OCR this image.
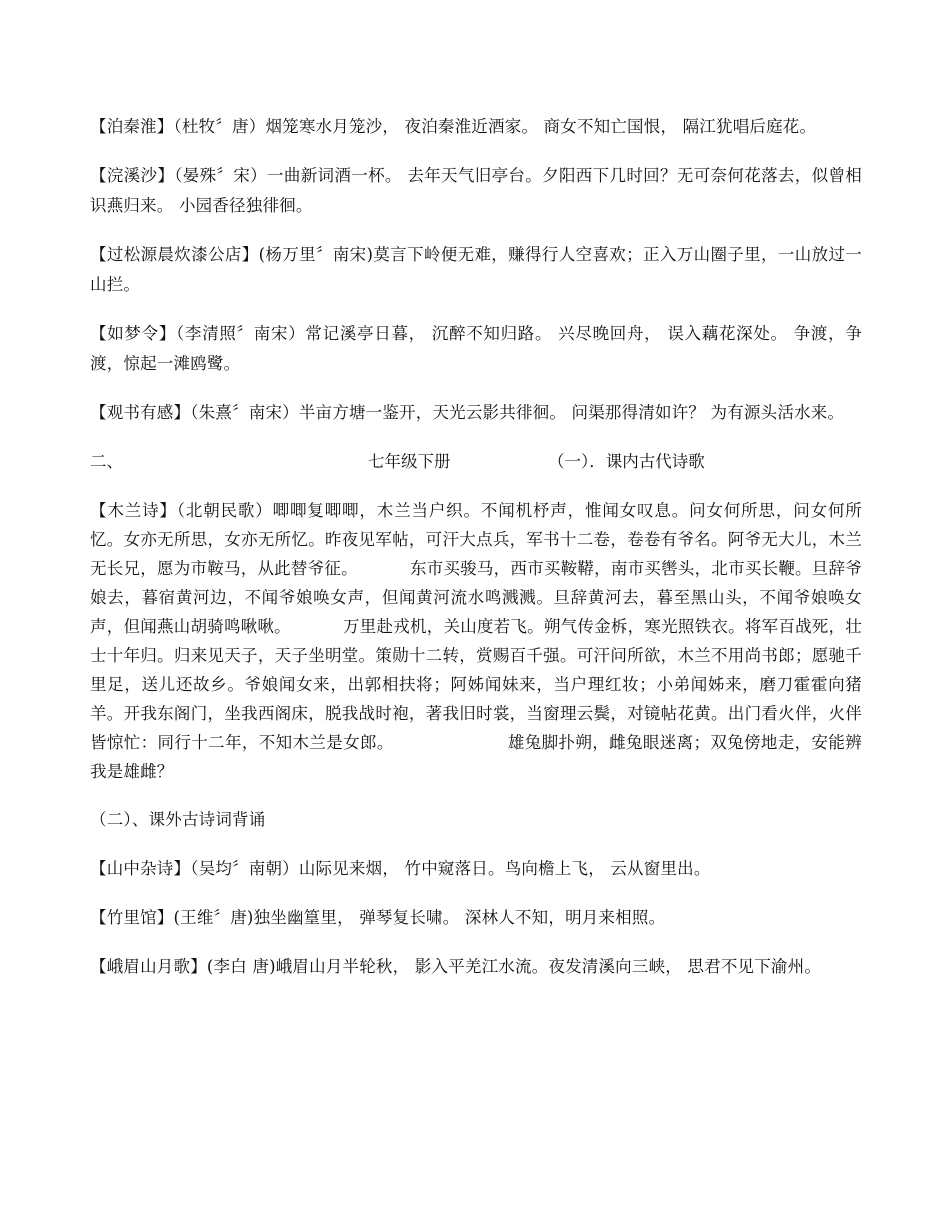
【泊秦淮】（杜牧〞唐）烟笼寒水月笼沙， 夜泊秦淮近酒家。 商女不知亡国恨， 隔江犹唱后庭花。

【浣溪沙】（晏殊〞宋）一曲新词酒一杯。 去年天气旧亭台。夕阳西下几时回？无可奈何花落去，似曾相识燕归来。 小园香径独徘徊。

【过松源晨炊漆公店】(杨万里〞南宋)莫言下岭便无难，赚得行人空喜欢；正入万山圈子里，一山放过一山拦。

【如梦令】（李清照〞南宋）常记溪亭日暮， 沉醉不知归路。 兴尽晚回舟， 误入藕花深处。 争渡，争渡，惊起一滩鸥鹭。

【观书有感】（朱熹〞南宋）半亩方塘一鉴开，天光云影共徘徊。 问渠那得清如许？ 为有源头活水来。

二、	七年级下册	（一）．课内古代诗歌

【木兰诗】（北朝民歌）唧唧复唧唧，木兰当户织。不闻机杼声，惟闻女叹息。问女何所思，问女何所忆。女亦无所思，女亦无所忆。昨夜见军帖，可汗大点兵，军书十二卷，卷卷有爷名。阿爷无大儿，木兰无长兄，愿为市鞍马，从此替爷征。	东市买骏马，西市买鞍鞯，南市买辔头，北市买长鞭。旦辞爷娘去，暮宿黄河边，不闻爷娘唤女声，但闻黄河流水鸣溅溅。旦辞黄河去，暮至黑山头，不闻爷娘唤女声，但闻燕山胡骑鸣啾啾。	万里赴戎机，关山度若飞。朔气传金柝，寒光照铁衣。将军百战死，壮士十年归。归来见天子，天子坐明堂。策勋十二转，赏赐百千强。可汗问所欲，木兰不用尚书郎；愿驰千里足，送儿还故乡。爷娘闻女来，出郭相扶将；阿姊闻妹来，当户理红妆；小弟闻姊来，磨刀霍霍向猪羊。开我东阁门，坐我西阁床，脱我战时袍，著我旧时裳，当窗理云鬓，对镜帖花黄。出门看火伴，火伴皆惊忙：同行十二年，不知木兰是女郎。	雄兔脚扑朔，雌兔眼迷离；双兔傍地走，安能辨我是雄雌？

（二）、课外古诗词背诵

【山中杂诗】（吴均〞南朝）山际见来烟， 竹中窥落日。鸟向檐上飞， 云从窗里出。

【竹里馆】(王维〞唐)独坐幽篁里， 弹琴复长啸。 深林人不知，明月来相照。

【峨眉山月歌】(李白 唐)峨眉山月半轮秋， 影入平羌江水流。夜发清溪向三峡， 思君不见下渝州。
